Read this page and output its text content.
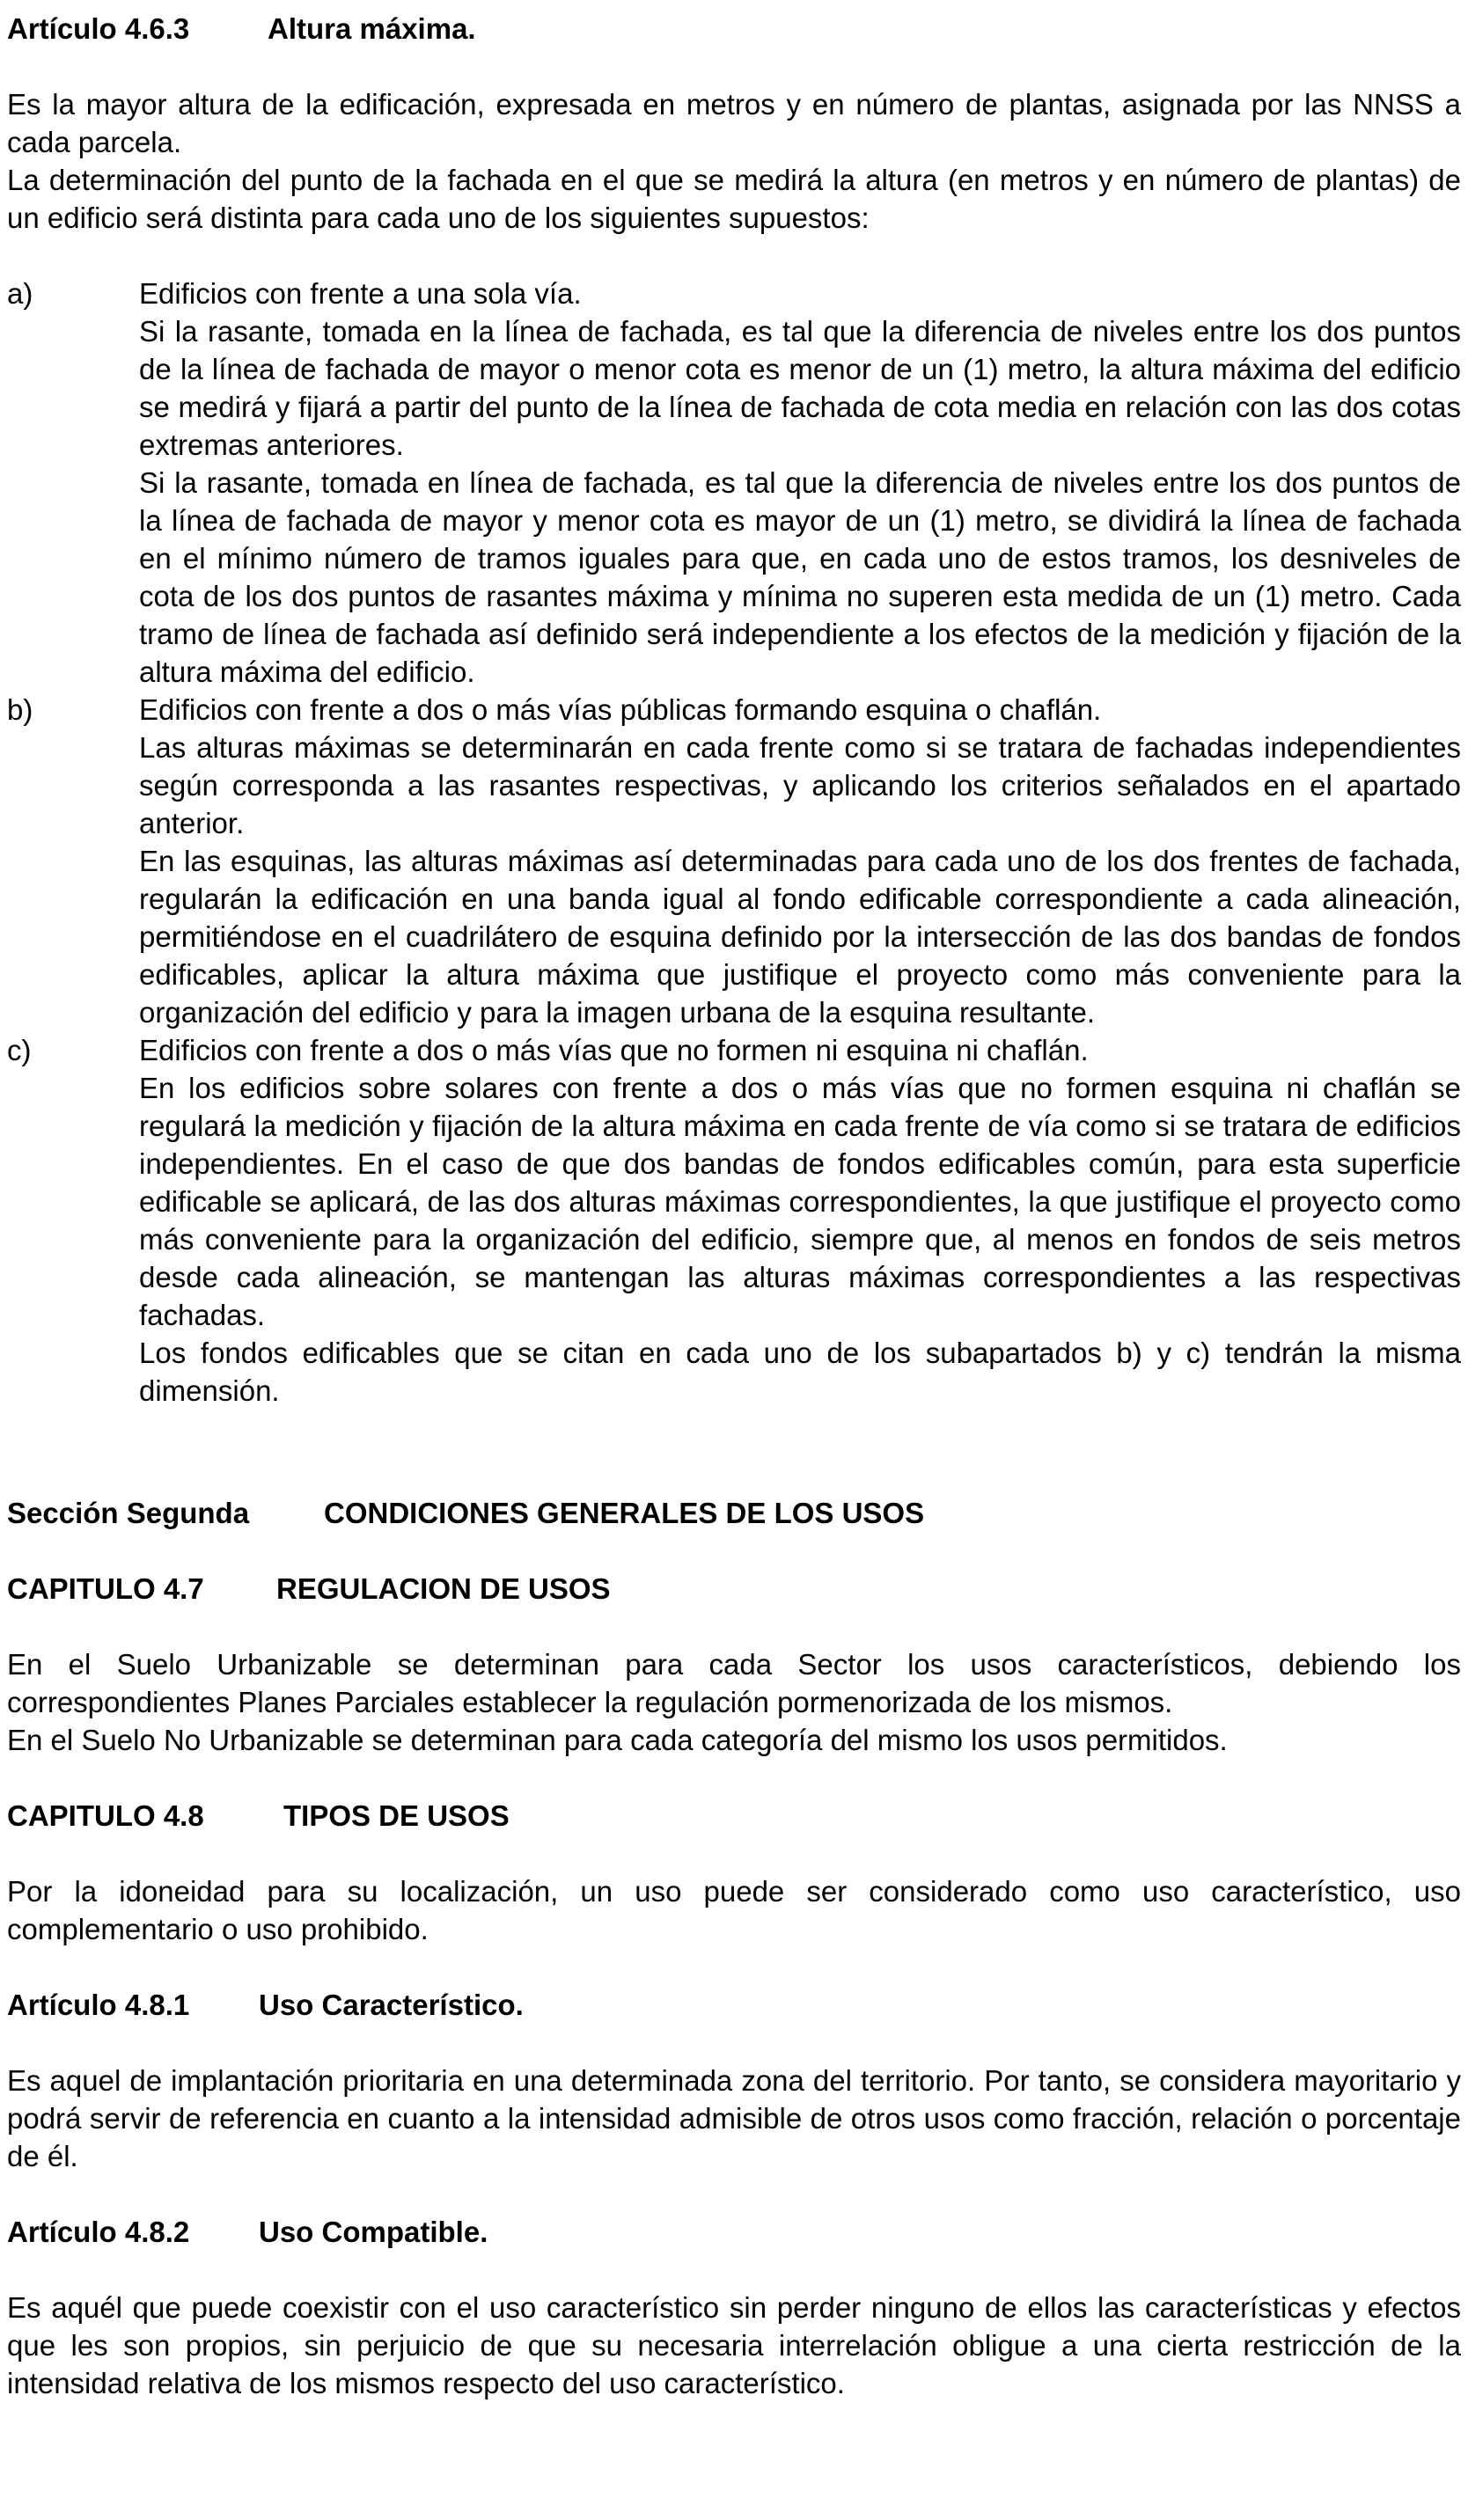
Artículo 4.6.3	Altura máxima.

Es la mayor altura de la edificación, expresada en metros y en número de plantas, asignada por las NNSS a cada parcela.

La determinación del punto de la fachada en el que se medirá la altura (en metros y en número de plantas) de un edificio será distinta para cada uno de los siguientes supuestos:

a)	Edificios con frente a una sola vía.

Si la rasante, tomada en la línea de fachada, es tal que la diferencia de niveles entre los dos puntos de la línea de fachada de mayor o menor cota es menor de un (1) metro, la altura máxima del edificio se medirá y fijará a partir del punto de la línea de fachada de cota media en relación con las dos cotas extremas anteriores.

Si la rasante, tomada en línea de fachada, es tal que la diferencia de niveles entre los dos puntos de la línea de fachada de mayor y menor cota es mayor de un (1) metro, se dividirá la línea de fachada en el mínimo número de tramos iguales para que, en cada uno de estos tramos, los desniveles de cota de los dos puntos de rasantes máxima y mínima no superen esta medida de un (1) metro. Cada tramo de línea de fachada así definido será independiente a los efectos de la medición y fijación de la altura máxima del edificio.

b)	Edificios con frente a dos o más vías públicas formando esquina o chaflán.

Las alturas máximas se determinarán en cada frente como si se tratara de fachadas independientes según corresponda a las rasantes respectivas, y aplicando los criterios señalados en el apartado anterior.

En las esquinas, las alturas máximas así determinadas para cada uno de los dos frentes de fachada, regularán la edificación en una banda igual al fondo edificable correspondiente a cada alineación, permitiéndose en el cuadrilátero de esquina definido por la intersección de las dos bandas de fondos edificables, aplicar la altura máxima que justifique el proyecto como más conveniente para la organización del edificio y para la imagen urbana de la esquina resultante.

c)	Edificios con frente a dos o más vías que no formen ni esquina ni chaflán.

En los edificios sobre solares con frente a dos o más vías que no formen esquina ni chaflán se regulará la medición y fijación de la altura máxima en cada frente de vía como si se tratara de edificios independientes. En el caso de que dos bandas de fondos edificables común, para esta superficie edificable se aplicará, de las dos alturas máximas correspondientes, la que justifique el proyecto como más conveniente para la organización del edificio, siempre que, al menos en fondos de seis metros desde cada alineación, se mantengan las alturas máximas correspondientes a las respectivas fachadas.

Los fondos edificables que se citan en cada uno de los subapartados b) y c) tendrán la misma dimensión.

Sección Segunda	CONDICIONES GENERALES DE LOS USOS
CAPITULO 4.7 REGULACION DE USOS

En el Suelo Urbanizable se determinan para cada Sector los usos característicos, debiendo los correspondientes Planes Parciales establecer la regulación pormenorizada de los mismos.

En el Suelo No Urbanizable se determinan para cada categoría del mismo los usos permitidos.

CAPITULO 4.8	TIPOS DE USOS

Por la idoneidad para su localización, un uso puede ser considerado como uso característico, uso complementario o uso prohibido.

Artículo 4.8.1 Uso Característico.

Es aquel de implantación prioritaria en una determinada zona del territorio. Por tanto, se considera mayoritario y podrá servir de referencia en cuanto a la intensidad admisible de otros usos como fracción, relación o porcentaje de él.

Artículo 4.8.2 Uso Compatible.

Es aquél que puede coexistir con el uso característico sin perder ninguno de ellos las características y efectos que les son propios, sin perjuicio de que su necesaria interrelación obligue a una cierta restricción de la intensidad relativa de los mismos respecto del uso característico.
